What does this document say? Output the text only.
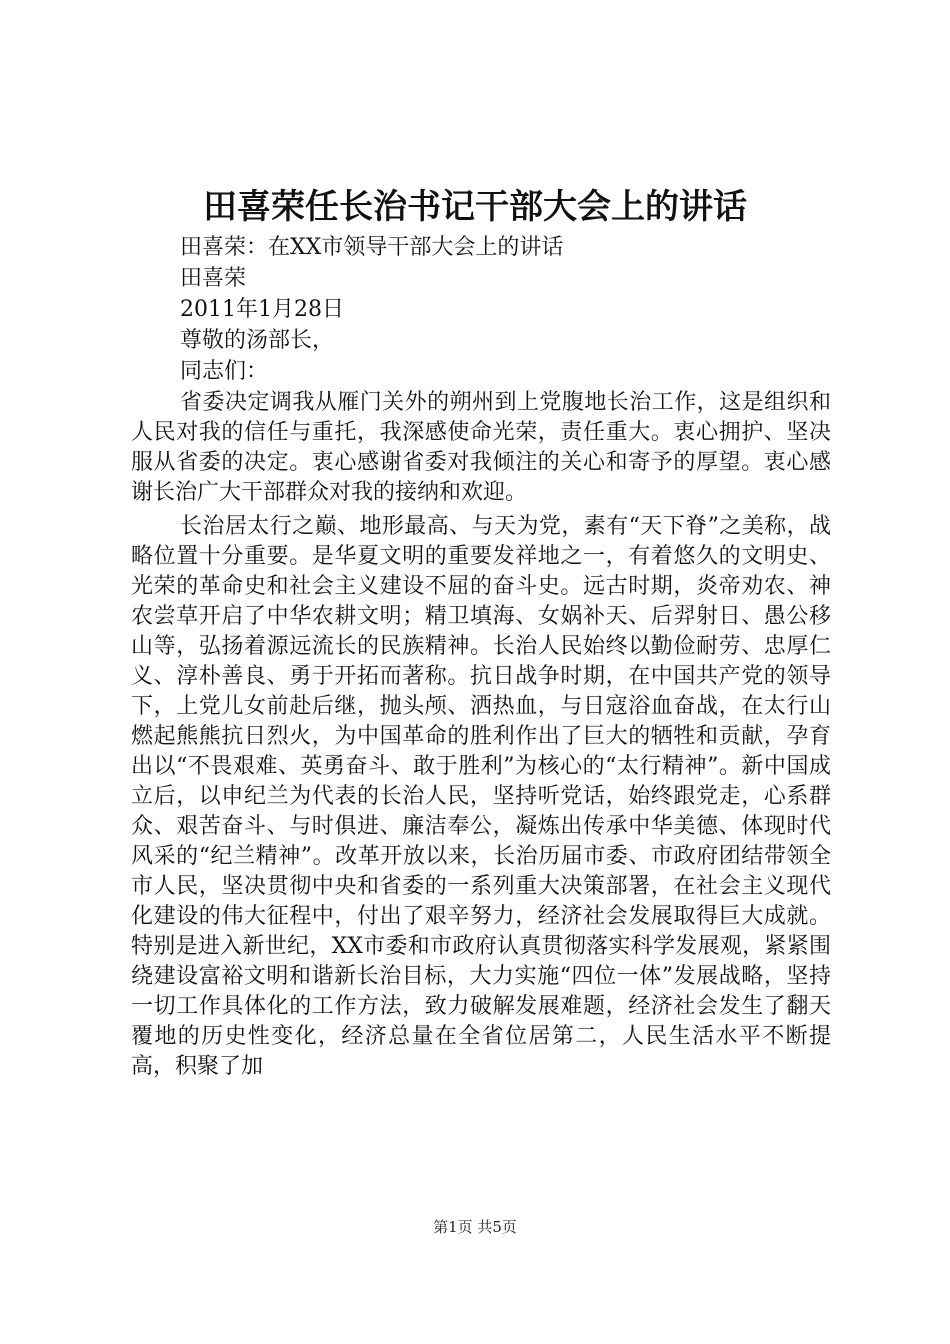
田喜荣任长治书记干部大会上的讲话
田喜荣：在XX市领导干部大会上的讲话
田喜荣
2011年1月28日
尊敬的汤部长，
同志们：

省委决定调我从雁门关外的朔州到上党腹地长治工作，这是组织和人民对我的信任与重托，我深感使命光荣，责任重大。衷心拥护、坚决服从省委的决定。衷心感谢省委对我倾注的关心和寄予的厚望。衷心感谢长治广大干部群众对我的接纳和欢迎。

长治居太行之巅、地形最高、与天为党，素有“天下脊”之美称，战略位置十分重要。是华夏文明的重要发祥地之一，有着悠久的文明史、光荣的革命史和社会主义建设不屈的奋斗史。远古时期，炎帝劝农、神农尝草开启了中华农耕文明；精卫填海、女娲补天、后羿射日、愚公移山等，弘扬着源远流长的民族精神。长治人民始终以勤俭耐劳、忠厚仁义、淳朴善良、勇于开拓而著称。抗日战争时期，在中国共产党的领导下，上党儿女前赴后继，抛头颅、洒热血，与日寇浴血奋战，在太行山燃起熊熊抗日烈火，为中国革命的胜利作出了巨大的牺牲和贡献，孕育出以“不畏艰难、英勇奋斗、敢于胜利”为核心的“太行精神”。新中国成立后，以申纪兰为代表的长治人民，坚持听党话，始终跟党走，心系群众、艰苦奋斗、与时俱进、廉洁奉公，凝炼出传承中华美德、体现时代风采的“纪兰精神”。改革开放以来，长治历届市委、市政府团结带领全市人民，坚决贯彻中央和省委的一系列重大决策部署，在社会主义现代化建设的伟大征程中，付出了艰辛努力，经济社会发展取得巨大成就。特别是进入新世纪，XX市委和市政府认真贯彻落实科学发展观，紧紧围绕建设富裕文明和谐新长治目标，大力实施“四位一体”发展战略，坚持一切工作具体化的工作方法，致力破解发展难题，经济社会发生了翻天覆地的历史性变化，经济总量在全省位居第二，人民生活水平不断提高，积聚了加

第1页 共5页
